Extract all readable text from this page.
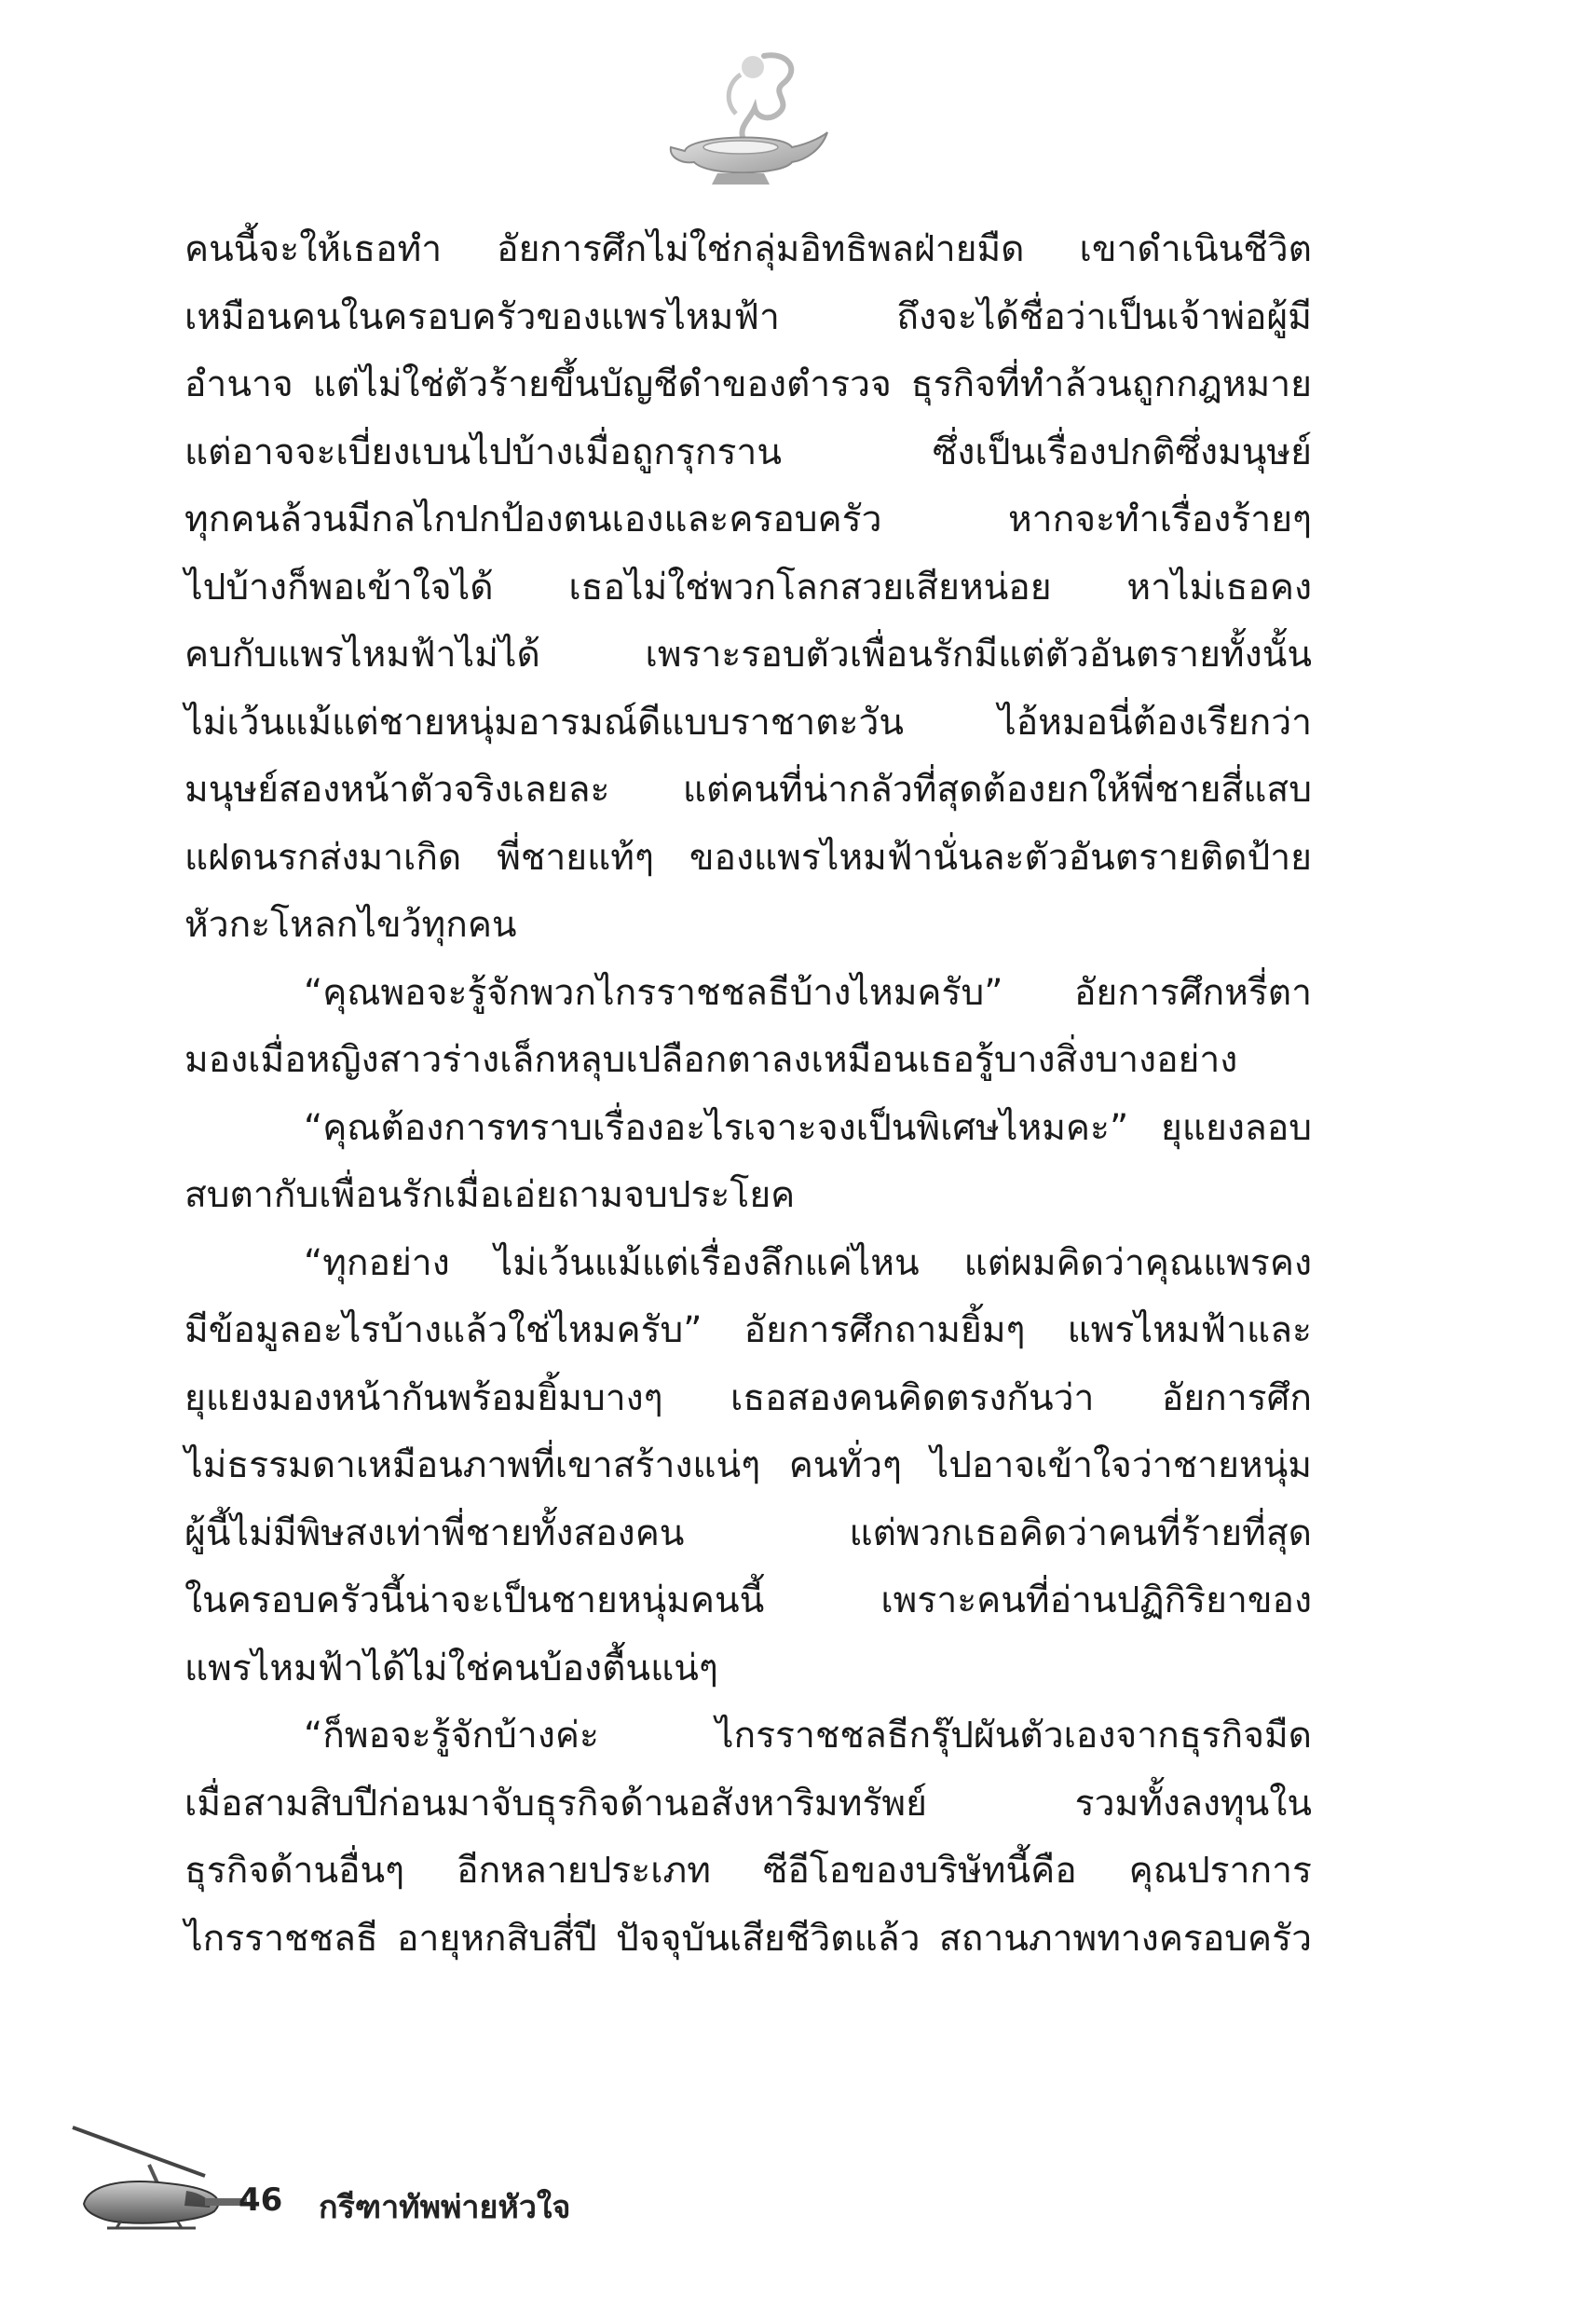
คนนี้จะให้เธอทำ อัยการศึกไม่ใช่กลุ่มอิทธิพลฝ่ายมืด เขาดำเนินชีวิต
เหมือนคนในครอบครัวของแพรไหมฟ้า ถึงจะได้ชื่อว่าเป็นเจ้าพ่อผู้มี
อำนาจ แต่ไม่ใช่ตัวร้ายขึ้นบัญชีดำของตำรวจ ธุรกิจที่ทำล้วนถูกกฎหมาย
แต่อาจจะเบี่ยงเบนไปบ้างเมื่อถูกรุกราน ซึ่งเป็นเรื่องปกติซึ่งมนุษย์
ทุกคนล้วนมีกลไกปกป้องตนเองและครอบครัว หากจะทำเรื่องร้ายๆ
ไปบ้างก็พอเข้าใจได้ เธอไม่ใช่พวกโลกสวยเสียหน่อย หาไม่เธอคง
คบกับแพรไหมฟ้าไม่ได้ เพราะรอบตัวเพื่อนรักมีแต่ตัวอันตรายทั้งนั้น
ไม่เว้นแม้แต่ชายหนุ่มอารมณ์ดีแบบราชาตะวัน ไอ้หมอนี่ต้องเรียกว่า
มนุษย์สองหน้าตัวจริงเลยละ แต่คนที่น่ากลัวที่สุดต้องยกให้พี่ชายสี่แสบ
แฝดนรกส่งมาเกิด พี่ชายแท้ๆ ของแพรไหมฟ้านั่นละตัวอันตรายติดป้าย
หัวกะโหลกไขว้ทุกคน
“คุณพอจะรู้จักพวกไกรราชชลธีบ้างไหมครับ” อัยการศึกหรี่ตา
มองเมื่อหญิงสาวร่างเล็กหลุบเปลือกตาลงเหมือนเธอรู้บางสิ่งบางอย่าง
“คุณต้องการทราบเรื่องอะไรเจาะจงเป็นพิเศษไหมคะ” ยุแยงลอบ
สบตากับเพื่อนรักเมื่อเอ่ยถามจบประโยค
“ทุกอย่าง ไม่เว้นแม้แต่เรื่องลึกแค่ไหน แต่ผมคิดว่าคุณแพรคง
มีข้อมูลอะไรบ้างแล้วใช่ไหมครับ” อัยการศึกถามยิ้มๆ แพรไหมฟ้าและ
ยุแยงมองหน้ากันพร้อมยิ้มบางๆ เธอสองคนคิดตรงกันว่า อัยการศึก
ไม่ธรรมดาเหมือนภาพที่เขาสร้างแน่ๆ คนทั่วๆ ไปอาจเข้าใจว่าชายหนุ่ม
ผู้นี้ไม่มีพิษสงเท่าพี่ชายทั้งสองคน แต่พวกเธอคิดว่าคนที่ร้ายที่สุด
ในครอบครัวนี้น่าจะเป็นชายหนุ่มคนนี้ เพราะคนที่อ่านปฏิกิริยาของ
แพรไหมฟ้าได้ไม่ใช่คนบ้องตื้นแน่ๆ
“ก็พอจะรู้จักบ้างค่ะ ไกรราชชลธีกรุ๊ปผันตัวเองจากธุรกิจมืด
เมื่อสามสิบปีก่อนมาจับธุรกิจด้านอสังหาริมทรัพย์ รวมทั้งลงทุนใน
ธุรกิจด้านอื่นๆ อีกหลายประเภท ซีอีโอของบริษัทนี้คือ คุณปราการ
ไกรราชชลธี อายุหกสิบสี่ปี ปัจจุบันเสียชีวิตแล้ว สถานภาพทางครอบครัว
46 กรีฑาทัพพ่ายหัวใจ
